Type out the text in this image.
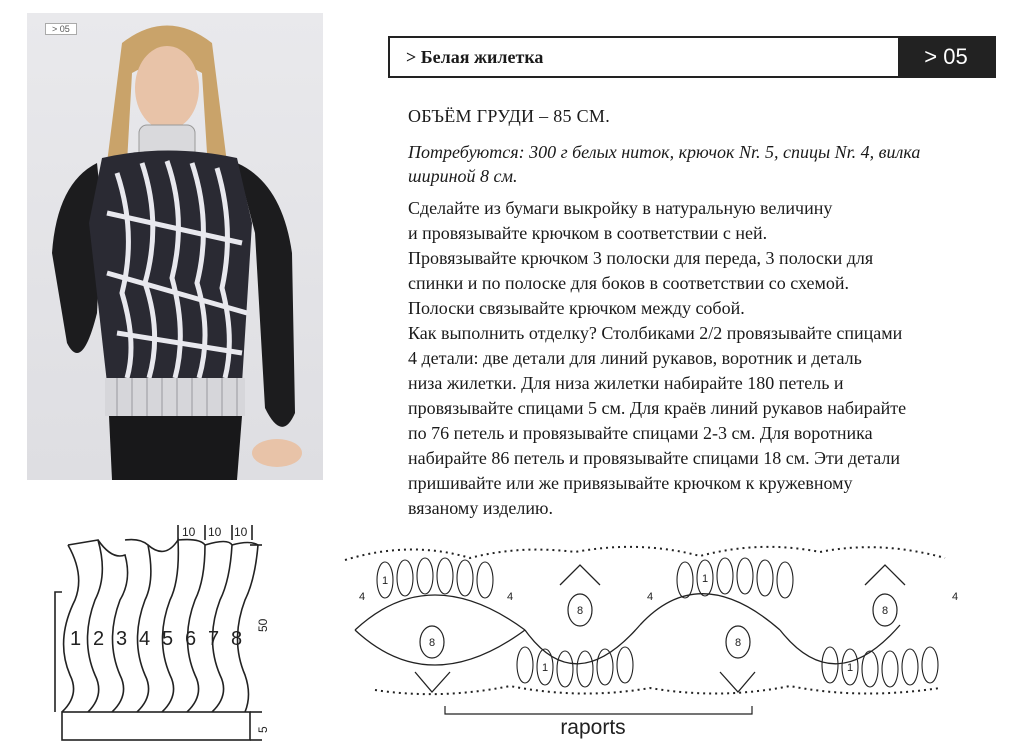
> 05
> Белая жилетка	> 05
ОБЪЁМ ГРУДИ – 85 СМ.
Потребуются: 300 г белых ниток, крючок Nr. 5, спицы Nr. 4, вилка шириной 8 см.

Сделайте из бумаги выкройку в натуральную величину

и провязывайте крючком в соответствии с ней.

Провязывайте крючком 3 полоски для переда, 3 полоски для

спинки и по полоске для боков в соответствии со схемой.

Полоски связывайте крючком между собой.

Как выполнить отделку? Столбиками 2/2 провязывайте спицами

4 детали: две детали для линий рукавов, воротник и деталь

низа жилетки. Для низа жилетки набирайте 180 петель и

провязывайте спицами 5 см. Для краёв линий рукавов набирайте

по 76 петель и провязывайте спицами 2-3 см. Для воротника

набирайте 86 петель и провязывайте спицами 18 см. Эти детали

пришивайте или же привязывайте крючком к кружевному

вязаному изделию.

1 2 3 4 5 6 7 8
10 10 10
50
5
1	1
1	1
4	4	4	4
8	8
8	8
raports
